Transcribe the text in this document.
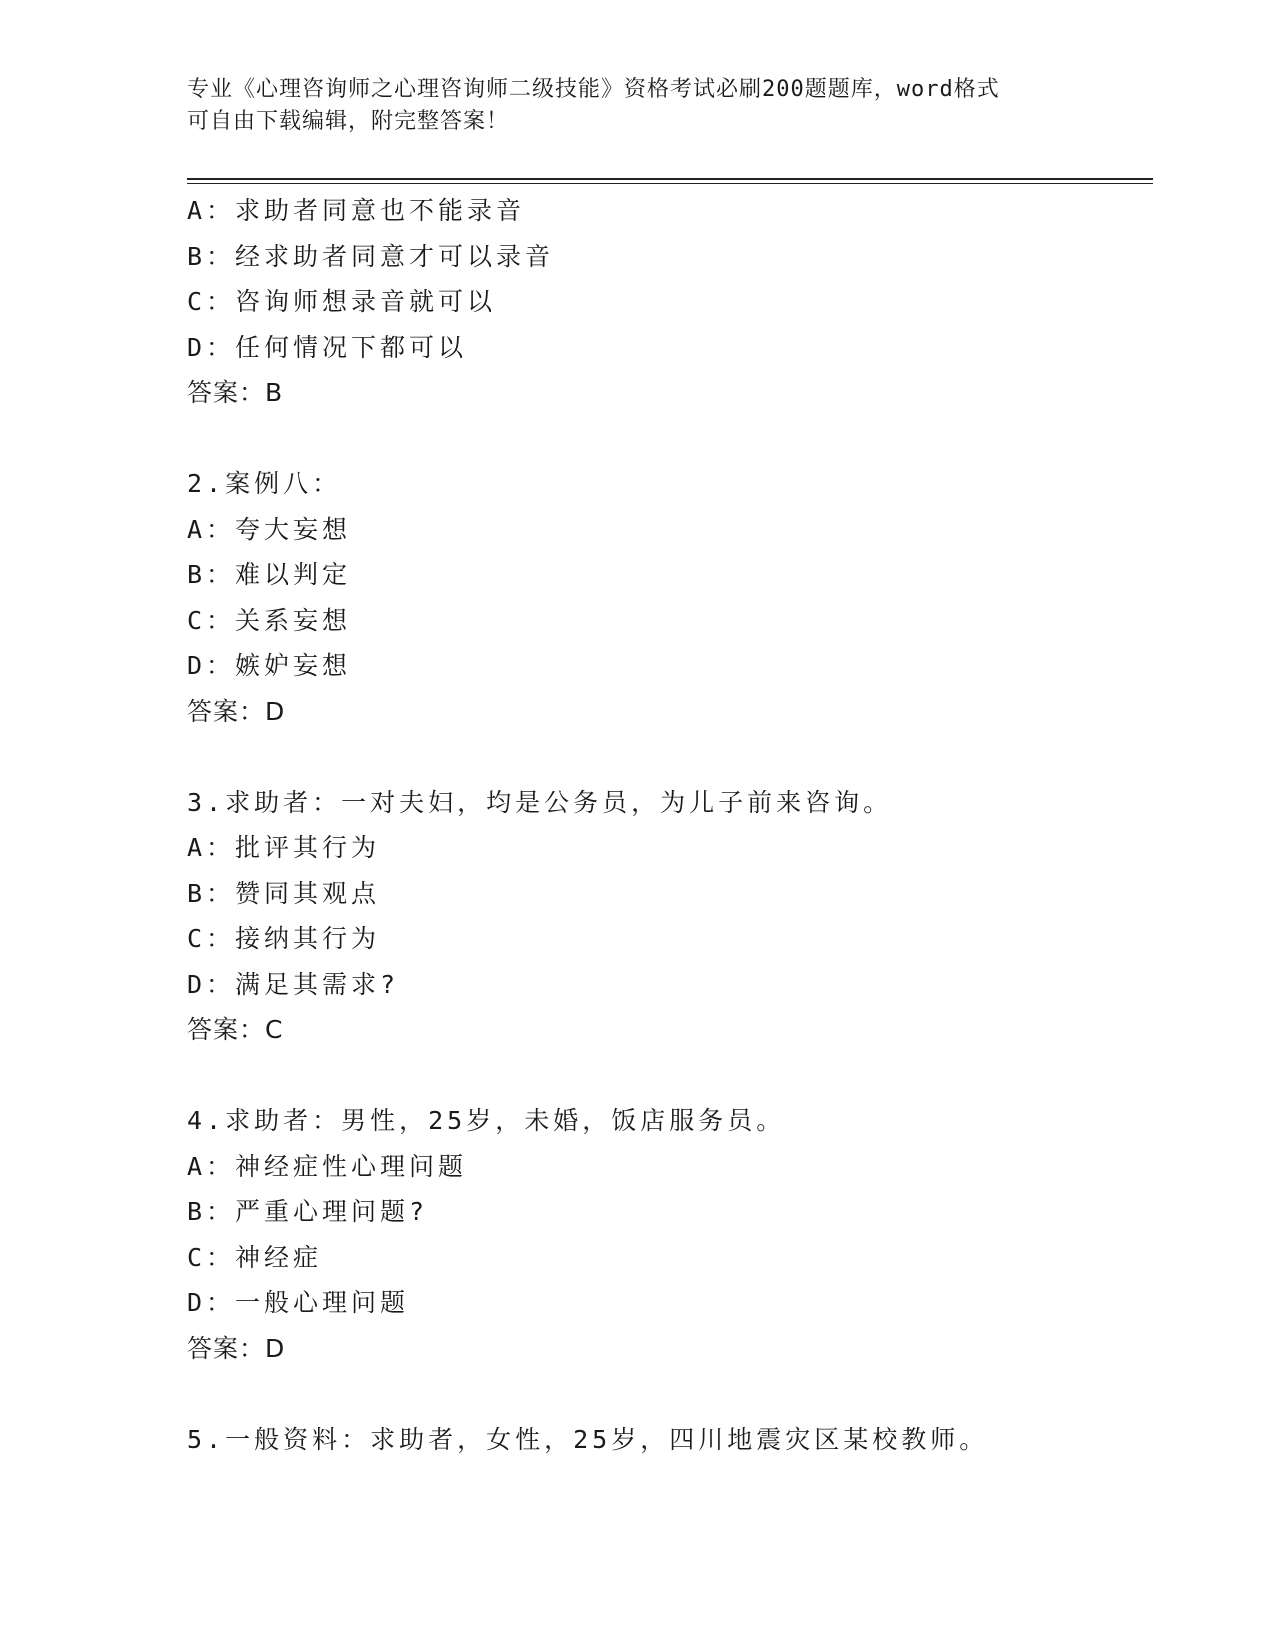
专业《心理咨询师之心理咨询师二级技能》资格考试必刷200题题库，word格式
可自由下载编辑，附完整答案！
A：求助者同意也不能录音
B：经求助者同意才可以录音
C：咨询师想录音就可以
D：任何情况下都可以
答案：B
2.案例八：
A：夸大妄想
B：难以判定
C：关系妄想
D：嫉妒妄想
答案：D
3.求助者：一对夫妇，均是公务员，为儿子前来咨询。
A：批评其行为
B：赞同其观点
C：接纳其行为
D：满足其需求?
答案：C
4.求助者：男性，25岁，未婚，饭店服务员。
A：神经症性心理问题
B：严重心理问题?
C：神经症
D：一般心理问题
答案：D
5.一般资料：求助者，女性，25岁，四川地震灾区某校教师。
